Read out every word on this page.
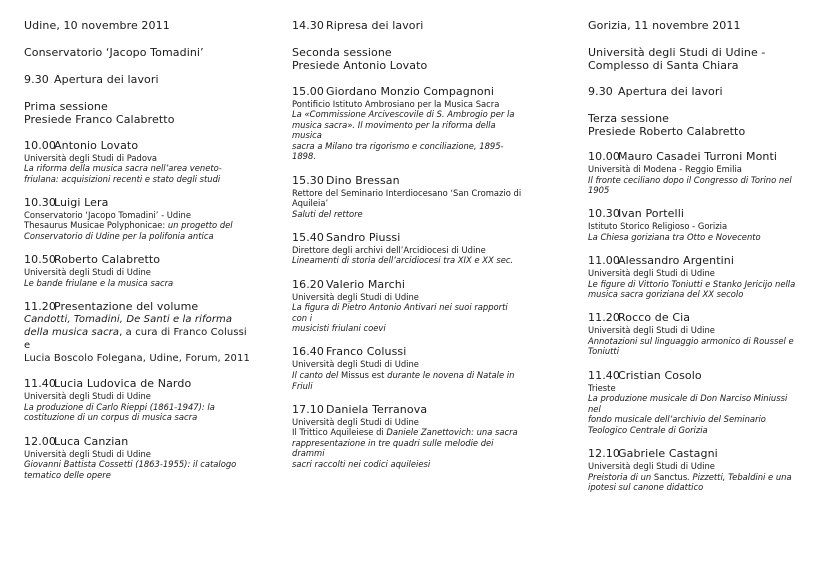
Udine, 10 novembre 2011
Conservatorio ‘Jacopo Tomadini’
9.30 Apertura dei lavori
Prima sessione
Presiede Franco Calabretto
10.00Antonio Lovato
Università degli Studi di Padova
La riforma della musica sacra nell’area veneto-
friulana: acquisizioni recenti e stato degli studi
10.30Luigi Lera
Conservatorio ‘Jacopo Tomadini’ - Udine
Thesaurus Musicae Polyphonicae: un progetto del
Conservatorio di Udine per la polifonia antica
10.50Roberto Calabretto
Università degli Studi di Udine
Le bande friulane e la musica sacra
11.20Presentazione del volume
Candotti, Tomadini, De Santi e la riforma
della musica sacra, a cura di Franco Colussi e
Lucia Boscolo Folegana, Udine, Forum, 2011
11.40Lucia Ludovica de Nardo
Università degli Studi di Udine
La produzione di Carlo Rieppi (1861-1947): la
costituzione di un corpus di musica sacra
12.00Luca Canzian
Università degli Studi di Udine
Giovanni Battista Cossetti (1863-1955): il catalogo
tematico delle opere
14.30 Ripresa dei lavori
Seconda sessione
Presiede Antonio Lovato
15.00 Giordano Monzio Compagnoni
Pontificio Istituto Ambrosiano per la Musica Sacra
La «Commissione Arcivescovile di S. Ambrogio per la
musica sacra». Il movimento per la riforma della musica
sacra a Milano tra rigorismo e conciliazione, 1895-1898.
15.30 Dino Bressan
Rettore del Seminario Interdiocesano ‘San Cromazio di
Aquileia’
Saluti del rettore
15.40 Sandro Piussi
Direttore degli archivi dell’Arcidiocesi di Udine
Lineamenti di storia dell’arcidiocesi tra XIX e XX sec.
16.20 Valerio Marchi
Università degli Studi di Udine
La figura di Pietro Antonio Antivari nei suoi rapporti con i
musicisti friulani coevi
16.40 Franco Colussi
Università degli Studi di Udine
Il canto del Missus est durante le novena di Natale in
Friuli
17.10 Daniela Terranova
Università degli Studi di Udine
Il Trittico Aquileiese di Daniele Zanettovich: una sacra
rappresentazione in tre quadri sulle melodie dei drammi
sacri raccolti nei codici aquileiesi
Gorizia, 11 novembre 2011
Università degli Studi di Udine -
Complesso di Santa Chiara
9.30 Apertura dei lavori
Terza sessione
Presiede Roberto Calabretto
10.00Mauro Casadei Turroni Monti
Università di Modena - Reggio Emilia
Il fronte ceciliano dopo il Congresso di Torino nel
1905
10.30Ivan Portelli
Istituto Storico Religioso - Gorizia
La Chiesa goriziana tra Otto e Novecento
11.00Alessandro Argentini
Università degli Studi di Udine
Le figure di Vittorio Toniutti e Stanko Jericijo nella
musica sacra goriziana del XX secolo
11.20Rocco de Cia
Università degli Studi di Udine
Annotazioni sul linguaggio armonico di Roussel e
Toniutti
11.40Cristian Cosolo
Trieste
La produzione musicale di Don Narciso Miniussi nel
fondo musicale dell’archivio del Seminario
Teologico Centrale di Gorizia
12.10Gabriele Castagni
Università degli Studi di Udine
Preistoria di un Sanctus. Pizzetti, Tebaldini e una
ipotesi sul canone didattico
